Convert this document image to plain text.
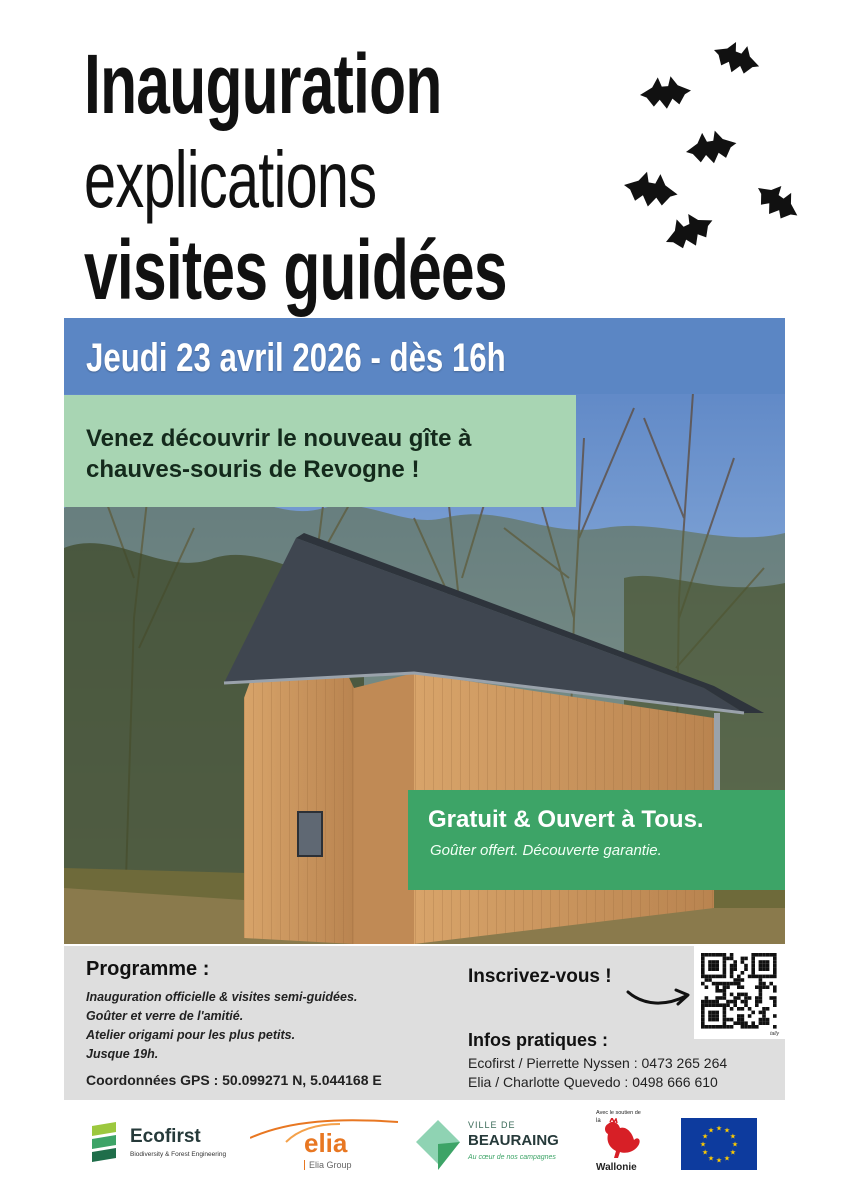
Inauguration
explications
visites guidées
Jeudi 23 avril 2026 - dès 16h
Venez découvrir le nouveau gîte à chauves-souris de Revogne !
Gratuit & Ouvert à Tous.
Goûter offert. Découverte garantie.
Programme :
Inauguration officielle & visites semi-guidées.
Goûter et verre de l'amitié.
Atelier origami pour les plus petits.
Jusque 19h.
Coordonnées GPS : 50.099271 N, 5.044168 E
Inscrivez-vous !
tally
Infos pratiques :
Ecofirst / Pierrette Nyssen : 0473 265 264
Elia / Charlotte Quevedo : 0498 666 610
Ecofirst
Biodiversity & Forest Engineering	elia
Elia Group
VILLE DE
BEAURAING
Au cœur de nos campagnes
Avec le soutien de
la
Wallonie
★
★
★
★
★
★
★
★
★ ★ ★
★
